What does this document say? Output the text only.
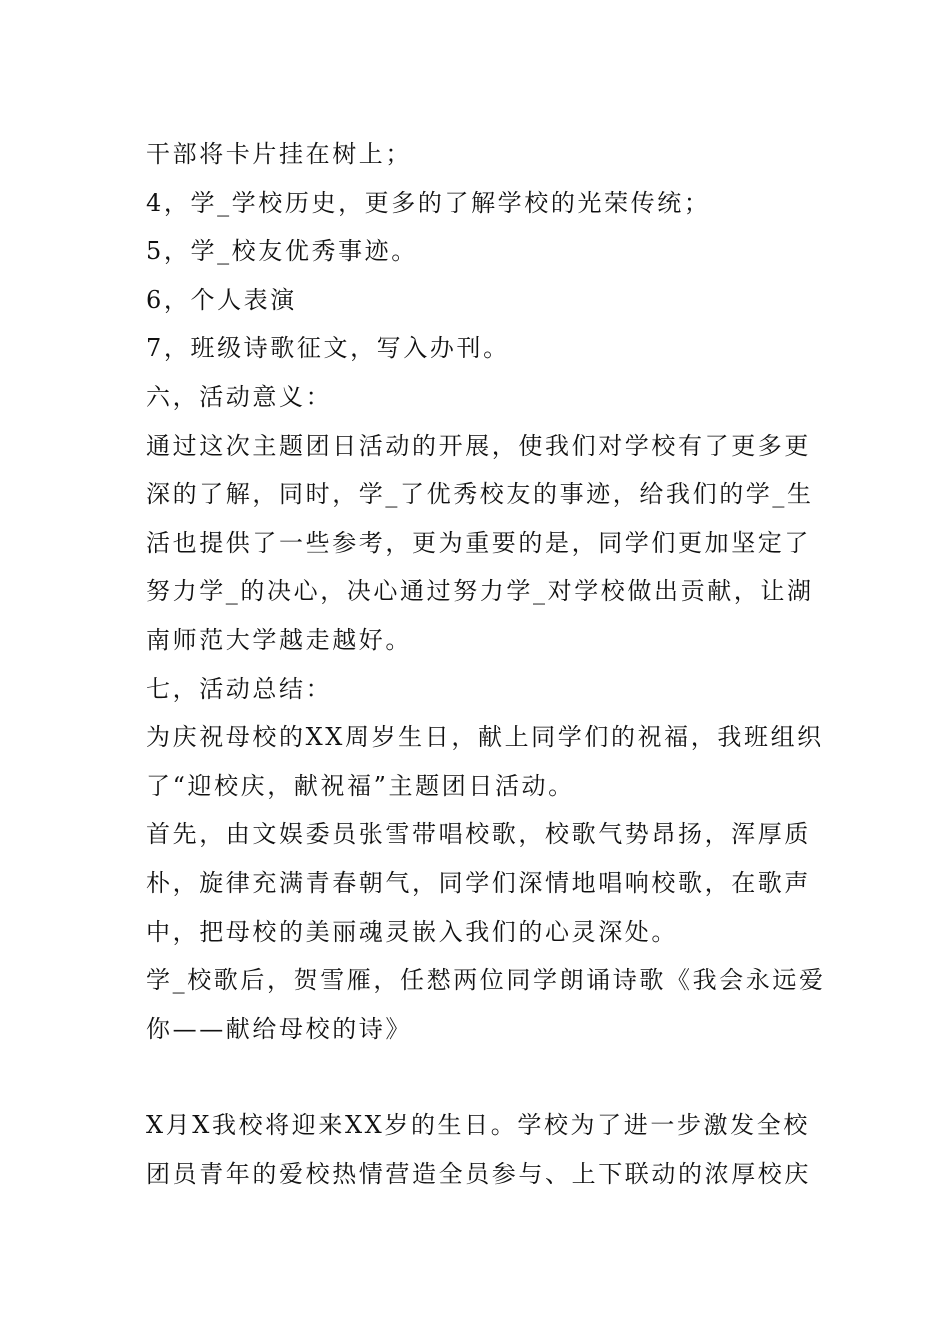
干部将卡片挂在树上；
4，学_学校历史，更多的了解学校的光荣传统；
5，学_校友优秀事迹。
6，个人表演
7，班级诗歌征文，写入办刊。
六，活动意义：
通过这次主题团日活动的开展，使我们对学校有了更多更
深的了解，同时，学_了优秀校友的事迹，给我们的学_生
活也提供了一些参考，更为重要的是，同学们更加坚定了
努力学_的决心，决心通过努力学_对学校做出贡献，让湖
南师范大学越走越好。
七，活动总结：
为庆祝母校的XX周岁生日，献上同学们的祝福，我班组织
了“迎校庆，献祝福”主题团日活动。
首先，由文娱委员张雪带唱校歌，校歌气势昂扬，浑厚质
朴，旋律充满青春朝气，同学们深情地唱响校歌，在歌声
中，把母校的美丽魂灵嵌入我们的心灵深处。
学_校歌后，贺雪雁，任慭两位同学朗诵诗歌《我会永远爱
你——献给母校的诗》
X月X我校将迎来XX岁的生日。学校为了进一步激发全校
团员青年的爱校热情营造全员参与、上下联动的浓厚校庆
